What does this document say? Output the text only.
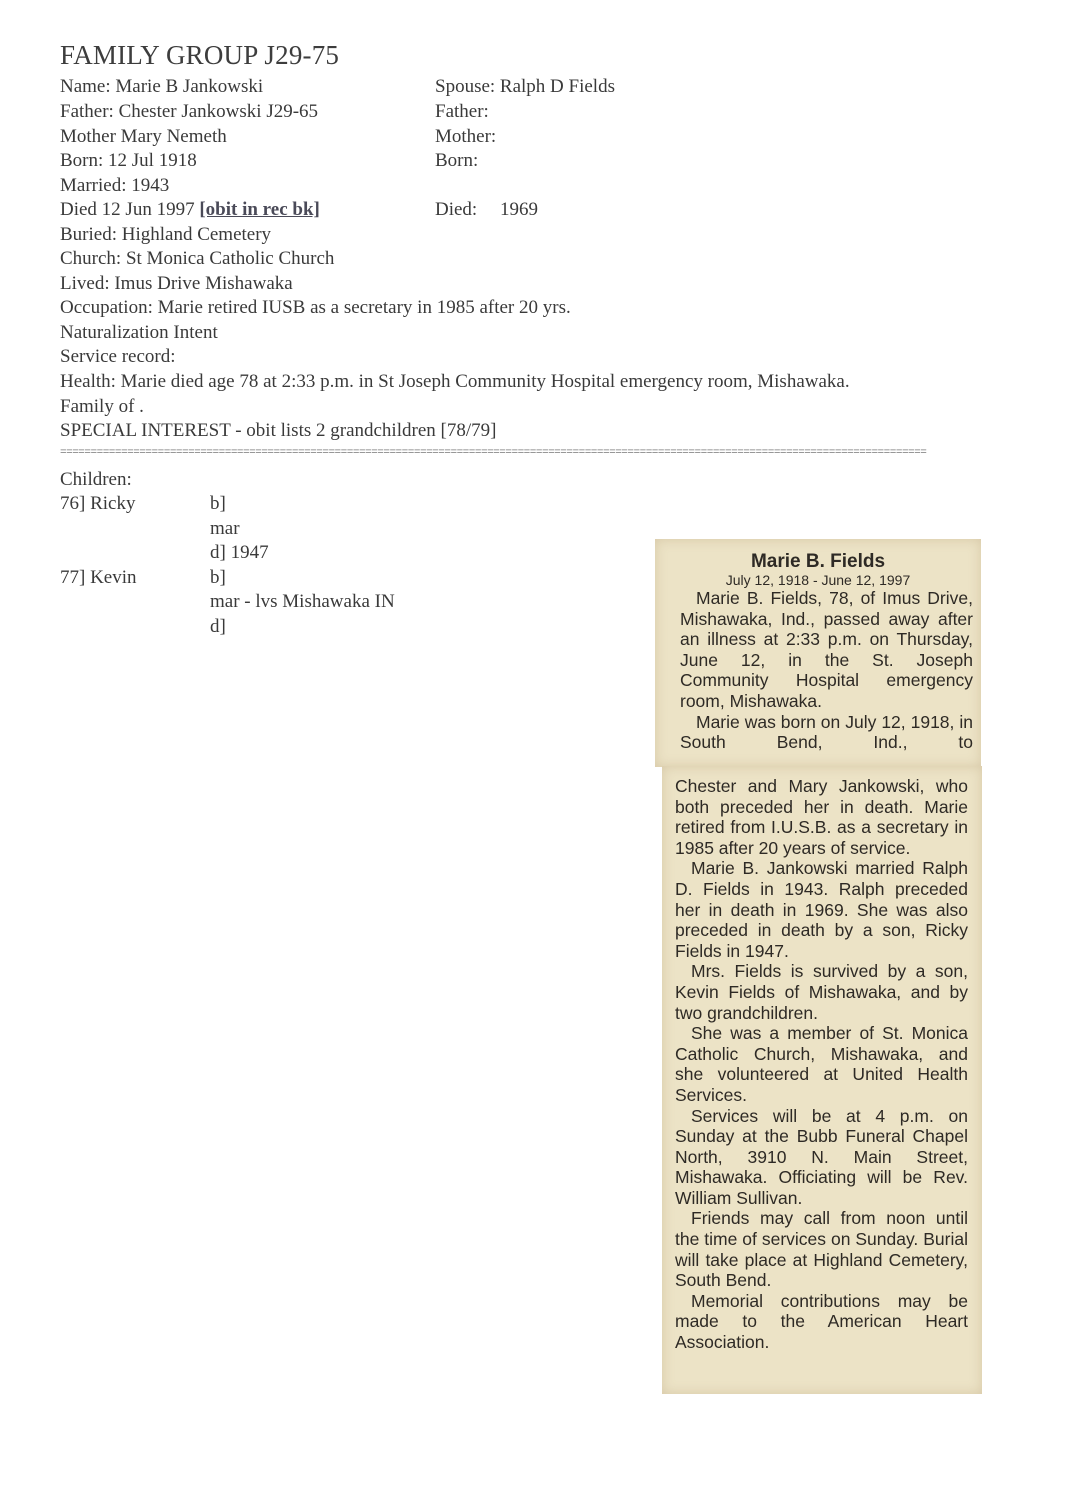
FAMILY GROUP J29-75
Name: Marie B Jankowski
Father: Chester Jankowski J29-65
Mother Mary Nemeth
Born: 12 Jul 1918
Married: 1943
Died 12 Jun 1997 [obit in rec bk]
Buried: Highland Cemetery
Church: St Monica Catholic Church
Lived: Imus Drive Mishawaka
Occupation: Marie retired IUSB as a secretary in 1985 after 20 yrs.
Naturalization Intent
Service record:
Health: Marie died age 78 at 2:33 p.m. in St Joseph Community Hospital emergency room, Mishawaka.
Family of .
SPECIAL INTEREST - obit lists 2 grandchildren [78/79]
Spouse: Ralph D Fields
Father:
Mother:
Born:
Died: 1969
==============================================================================================================================================
Children:
76] Ricky	b]
mar
d] 1947
77] Kevin	b]
mar - lvs Mishawaka IN
d]
Marie B. Fields
July 12, 1918 - June 12, 1997

Marie B. Fields, 78, of Imus Drive, Mishawaka, Ind., passed away after an illness at 2:33 p.m. on Thursday, June 12, in the St. Joseph Community Hospital emergency room, Mishawaka.

Marie was born on July 12, 1918, in South Bend, Ind., to

Chester and Mary Jankowski, who both preceded her in death. Marie retired from I.U.S.B. as a secretary in 1985 after 20 years of service.

Marie B. Jankowski married Ralph D. Fields in 1943. Ralph preceded her in death in 1969. She was also preceded in death by a son, Ricky Fields in 1947.

Mrs. Fields is survived by a son, Kevin Fields of Mishawaka, and by two grandchildren.

She was a member of St. Monica Catholic Church, Mishawaka, and she volunteered at United Health Services.

Services will be at 4 p.m. on Sunday at the Bubb Funeral Chapel North, 3910 N. Main Street, Mishawaka. Officiating will be Rev. William Sullivan.

Friends may call from noon until the time of services on Sunday. Burial will take place at Highland Cemetery, South Bend.

Memorial contributions may be made to the American Heart Association.
